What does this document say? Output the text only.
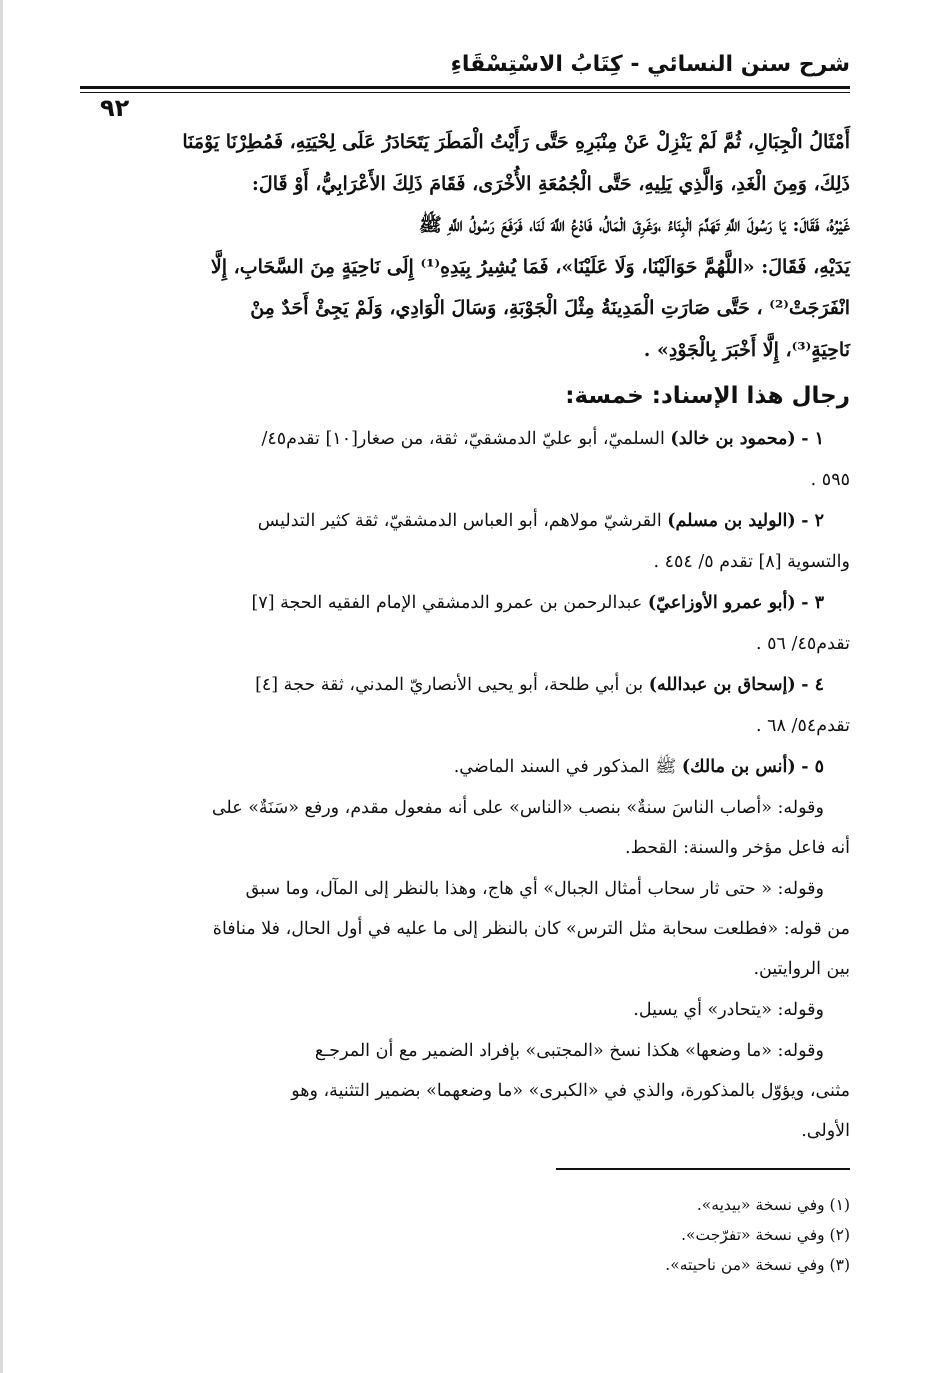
شرح سنن النسائي - كِتَابُ الاسْتِسْقَاءِ
٩٢
أَمْثَالُ الْجِبَالِ، ثُمَّ لَمْ يَنْزِلْ عَنْ مِنْبَرِهِ حَتَّى رَأَيْتُ الْمَطَرَ يَتَحَادَرُ عَلَى لِحْيَتِهِ، فَمُطِرْنَا يَوْمَنَا
ذَلِكَ، وَمِنَ الْغَدِ، وَالَّذِي يَلِيهِ، حَتَّى الْجُمُعَةِ الأُخْرَى، فَقَامَ ذَلِكَ الأَعْرَابِيُّ، أَوْ قَالَ:
غَيْرُهُ، فَقَالَ: يَا رَسُولَ اللَّهِ تَهَدَّمَ الْبِنَاءُ ،وَغَرِقَ الْمَالُ، فَادْعُ اللَّهَ لَنَا، فَرَفَعَ رَسُولُ اللَّهِ ﷺ
يَدَيْهِ، فَقَالَ: «اللَّهُمَّ حَوَالَيْنَا، وَلَا عَلَيْنَا»، فَمَا يُشِيرُ بِيَدِهِ⁽¹⁾ إِلَى نَاحِيَةٍ مِنَ السَّحَابِ، إِلَّا
انْفَرَجَتْ⁽²⁾ ، حَتَّى صَارَتِ الْمَدِينَةُ مِثْلَ الْجَوْبَةِ، وَسَالَ الْوَادِي، وَلَمْ يَجِئْ أَحَدٌ مِنْ
نَاحِيَةٍ⁽³⁾، إِلَّا أَخْبَرَ بِالْجَوْدِ» .
رجال هذا الإسناد: خمسة:
١ - (محمود بن خالد) السلميّ، أبو عليّ الدمشقيّ، ثقة، من صغار[١٠] تقدم٤٥/
٥٩٥ .
٢ - (الوليد بن مسلم) القرشيّ مولاهم، أبو العباس الدمشقيّ، ثقة كثير التدليس
والتسوية [٨] تقدم ٥/ ٤٥٤ .
٣ - (أبو عمرو الأوزاعيّ) عبدالرحمن بن عمرو الدمشقي الإمام الفقيه الحجة [٧]
تقدم٤٥/ ٥٦ .
٤ - (إسحاق بن عبدالله) بن أبي طلحة، أبو يحيى الأنصاريّ المدني، ثقة حجة [٤]
تقدم٥٤/ ٦٨ .
٥ - (أنس بن مالك) ﷺ المذكور في السند الماضي.
وقوله: «أصاب الناسَ سنةٌ» بنصب «الناس» على أنه مفعول مقدم، ورفع «سَنَةٌ» على
أنه فاعل مؤخر والسنة: القحط.
وقوله: « حتى ثار سحاب أمثال الجبال» أي هاج، وهذا بالنظر إلى المآل، وما سبق
من قوله: «فطلعت سحابة مثل الترس» كان بالنظر إلى ما عليه في أول الحال، فلا منافاة
بين الروايتين.
وقوله: «يتحادر» أي يسيل.
وقوله: «ما وضعها» هكذا نسخ «المجتبى» بإفراد الضمير مع أن المرجـع
مثنى، ويؤوّل بالمذكورة، والذي في «الكبرى» «ما وضعهما» بضمير التثنية، وهو
الأولى.
(١) وفي نسخة «بيديه».
(٢) وفي نسخة «تفرّجت».
(٣) وفي نسخة «من ناحيته».
